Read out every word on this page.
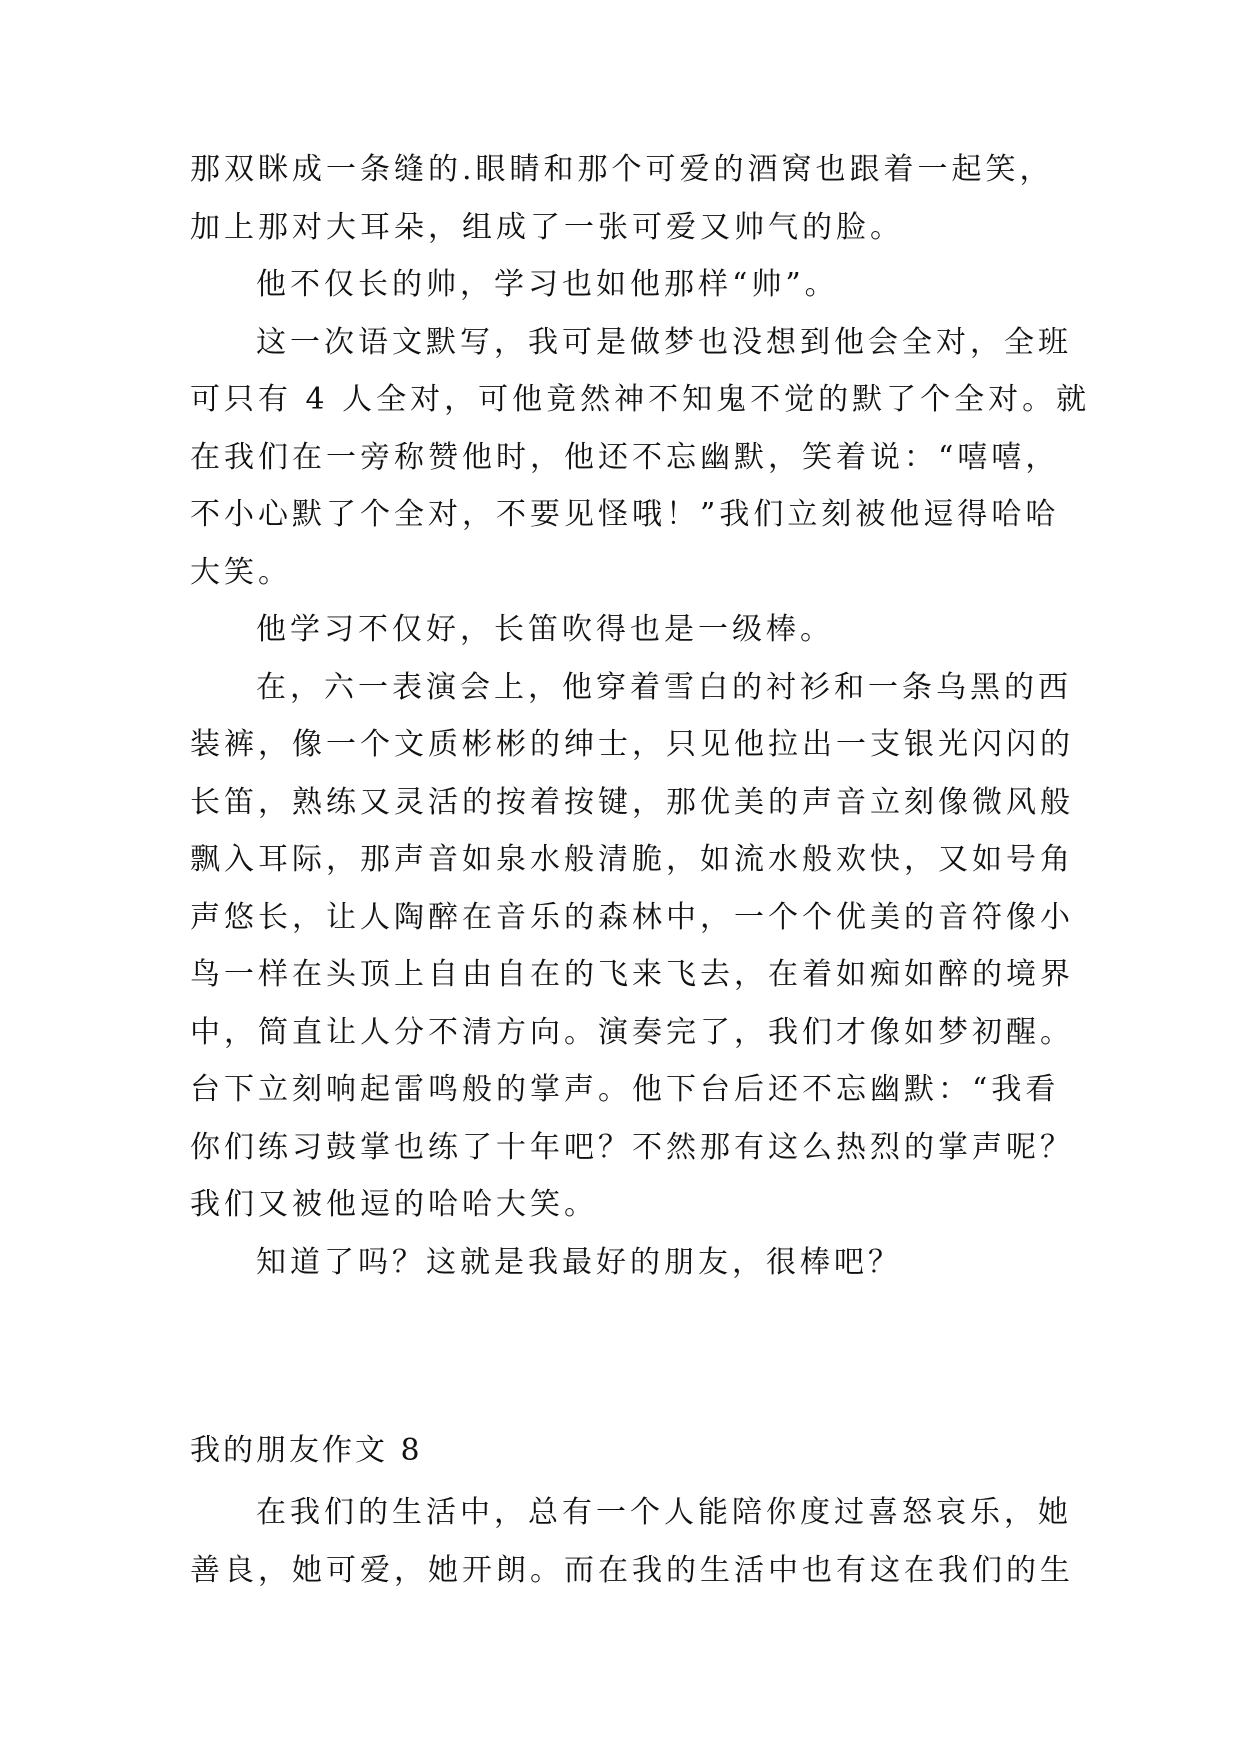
那双眯成一条缝的.眼睛和那个可爱的酒窝也跟着一起笑，
加上那对大耳朵，组成了一张可爱又帅气的脸。
他不仅长的帅，学习也如他那样“帅”。
这一次语文默写，我可是做梦也没想到他会全对，全班
可只有 4 人全对，可他竟然神不知鬼不觉的默了个全对。就
在我们在一旁称赞他时，他还不忘幽默，笑着说：“嘻嘻，
不小心默了个全对，不要见怪哦！”我们立刻被他逗得哈哈
大笑。
他学习不仅好，长笛吹得也是一级棒。
在，六一表演会上，他穿着雪白的衬衫和一条乌黑的西
装裤，像一个文质彬彬的绅士，只见他拉出一支银光闪闪的
长笛，熟练又灵活的按着按键，那优美的声音立刻像微风般
飘入耳际，那声音如泉水般清脆，如流水般欢快，又如号角
声悠长，让人陶醉在音乐的森林中，一个个优美的音符像小
鸟一样在头顶上自由自在的飞来飞去，在着如痴如醉的境界
中，简直让人分不清方向。演奏完了，我们才像如梦初醒。
台下立刻响起雷鸣般的掌声。他下台后还不忘幽默：“我看
你们练习鼓掌也练了十年吧？不然那有这么热烈的掌声呢？
我们又被他逗的哈哈大笑。
知道了吗？这就是我最好的朋友，很棒吧？
我的朋友作文 8
在我们的生活中，总有一个人能陪你度过喜怒哀乐，她
善良，她可爱，她开朗。而在我的生活中也有这在我们的生
